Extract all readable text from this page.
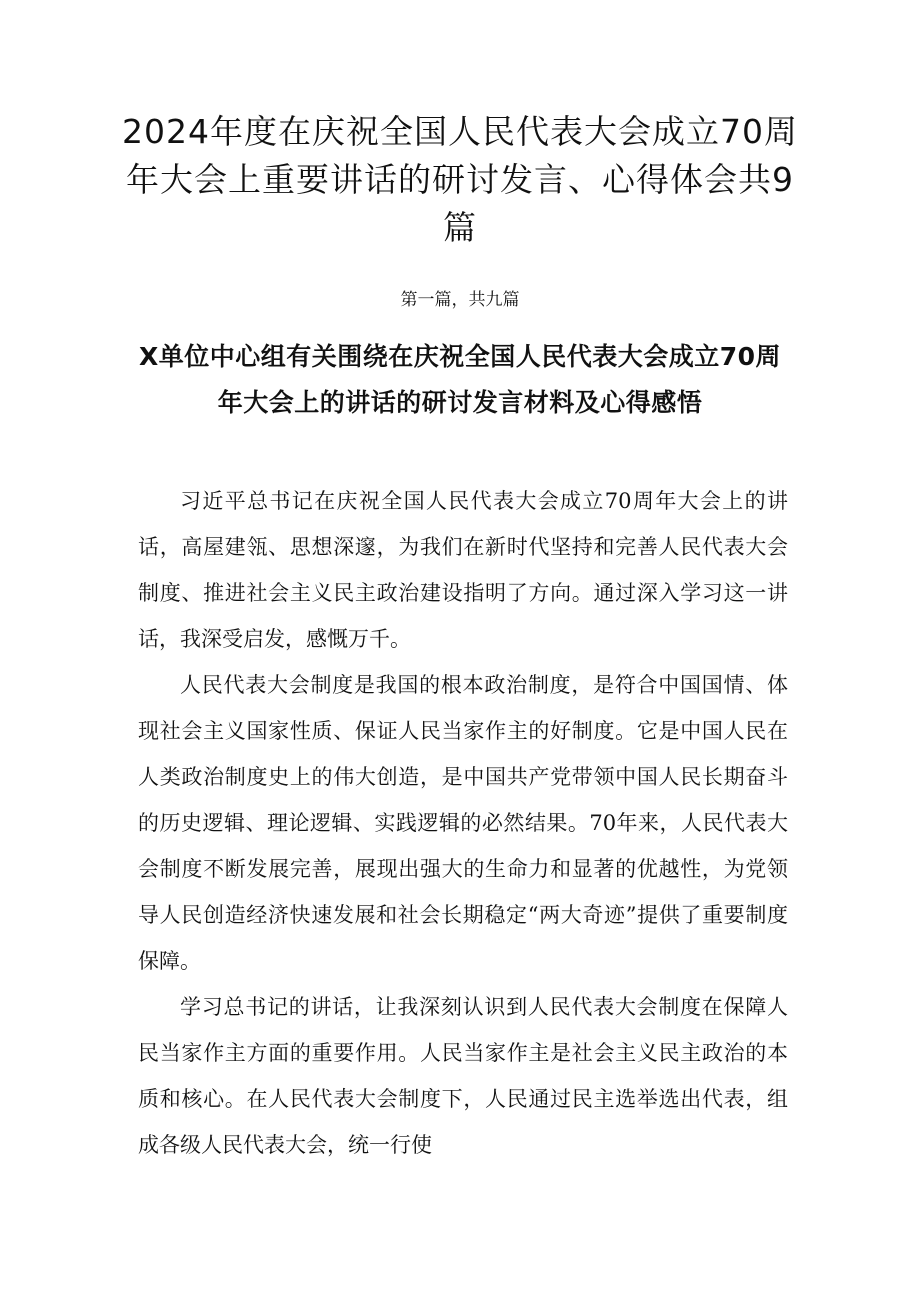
2024年度在庆祝全国人民代表大会成立70周年大会上重要讲话的研讨发言、心得体会共9篇
第一篇，共九篇
X单位中心组有关围绕在庆祝全国人民代表大会成立70周年大会上的讲话的研讨发言材料及心得感悟

习近平总书记在庆祝全国人民代表大会成立70周年大会上的讲话，高屋建瓴、思想深邃，为我们在新时代坚持和完善人民代表大会制度、推进社会主义民主政治建设指明了方向。通过深入学习这一讲话，我深受启发，感慨万千。

人民代表大会制度是我国的根本政治制度，是符合中国国情、体现社会主义国家性质、保证人民当家作主的好制度。它是中国人民在人类政治制度史上的伟大创造，是中国共产党带领中国人民长期奋斗的历史逻辑、理论逻辑、实践逻辑的必然结果。70年来，人民代表大会制度不断发展完善，展现出强大的生命力和显著的优越性，为党领导人民创造经济快速发展和社会长期稳定“两大奇迹”提供了重要制度保障。

学习总书记的讲话，让我深刻认识到人民代表大会制度在保障人民当家作主方面的重要作用。人民当家作主是社会主义民主政治的本质和核心。在人民代表大会制度下，人民通过民主选举选出代表，组成各级人民代表大会，统一行使
